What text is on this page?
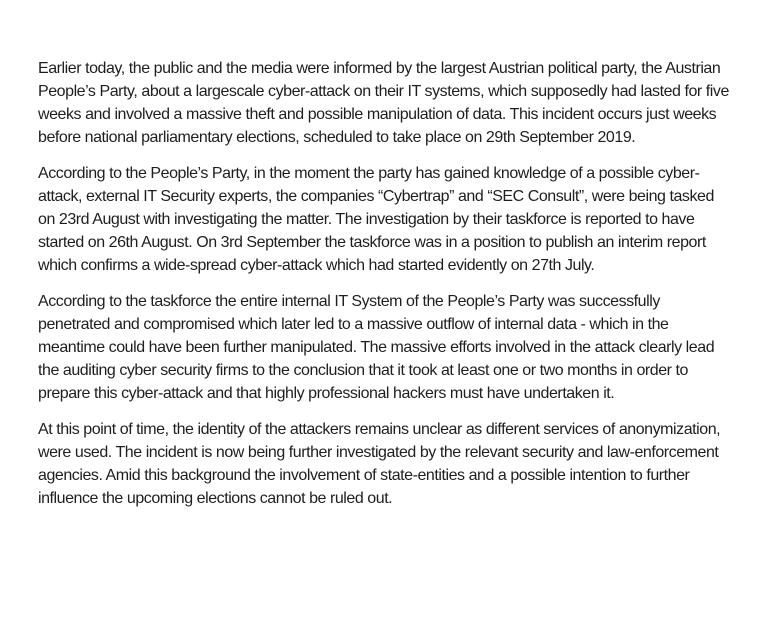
Earlier today, the public and the media were informed by the largest Austrian political party, the Austrian People’s Party, about a largescale cyber-attack on their IT systems, which supposedly had lasted for five weeks and involved a massive theft and possible manipulation of data. This incident occurs just weeks before national parliamentary elections, scheduled to take place on 29th September 2019.

According to the People’s Party, in the moment the party has gained knowledge of a possible cyber-attack, external IT Security experts, the companies “Cybertrap” and “SEC Consult”, were being tasked on 23rd August with investigating the matter. The investigation by their taskforce is reported to have started on 26th August. On 3rd September the taskforce was in a position to publish an interim report which confirms a wide-spread cyber-attack which had started evidently on 27th July.

According to the taskforce the entire internal IT System of the People’s Party was successfully penetrated and compromised which later led to a massive outflow of internal data - which in the meantime could have been further manipulated. The massive efforts involved in the attack clearly lead the auditing cyber security firms to the conclusion that it took at least one or two months in order to prepare this cyber-attack and that highly professional hackers must have undertaken it.

At this point of time, the identity of the attackers remains unclear as different services of anonymization, were used. The incident is now being further investigated by the relevant security and law-enforcement agencies. Amid this background the involvement of state-entities and a possible intention to further influence the upcoming elections cannot be ruled out.
